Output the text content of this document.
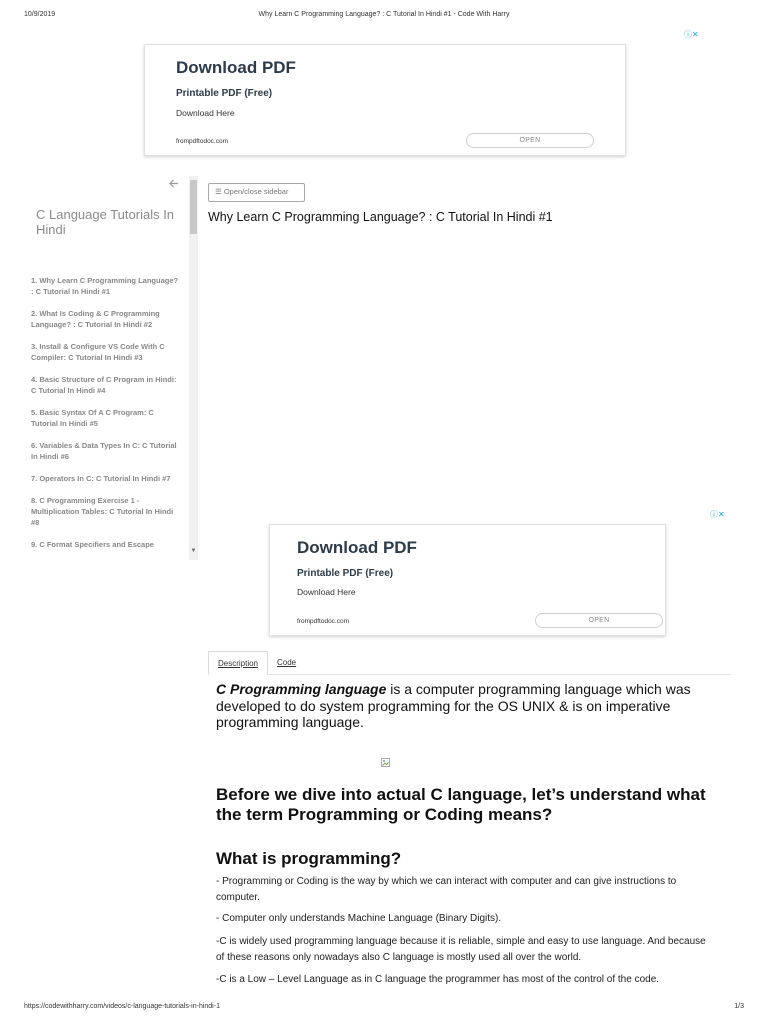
10/9/2019	Why Learn C Programming Language? : C Tutorial In Hindi #1 - Code With Harry
ⓘ✕
Download PDF
Printable PDF (Free)
Download Here
frompdftodoc.com	OPEN
C Language Tutorials In Hindi
1. Why Learn C Programming Language? : C Tutorial In Hindi #1
2. What Is Coding & C Programming Language? : C Tutorial In Hindi #2
3. Install & Configure VS Code With C Compiler: C Tutorial In Hindi #3
4. Basic Structure of C Program in Hindi: C Tutorial In Hindi #4
5. Basic Syntax Of A C Program: C Tutorial In Hindi #5
6. Variables & Data Types In C: C Tutorial In Hindi #6
7. Operators In C: C Tutorial In Hindi #7
8. C Programming Exercise 1 - Multiplication Tables: C Tutorial In Hindi #8
9. C Format Specifiers and Escape
▼
☰ Open/close sidebar
Why Learn C Programming Language? : C Tutorial In Hindi #1
ⓘ✕
Download PDF
Printable PDF (Free)
Download Here
frompdftodoc.com	OPEN
Description	Code

C Programming language is a computer programming language which was developed to do system programming for the OS UNIX & is on imperative programming language.

Before we dive into actual C language, let’s understand what the term Programming or Coding means?
What is programming?

- Programming or Coding is the way by which we can interact with computer and can give instructions to computer.

- Computer only understands Machine Language (Binary Digits).

-C is widely used programming language because it is reliable, simple and easy to use language. And because of these reasons only nowadays also C language is mostly used all over the world.

-C is a Low – Level Language as in C language the programmer has most of the control of the code.

https://codewithharry.com/videos/c-language-tutorials-in-hindi-1	1/3
